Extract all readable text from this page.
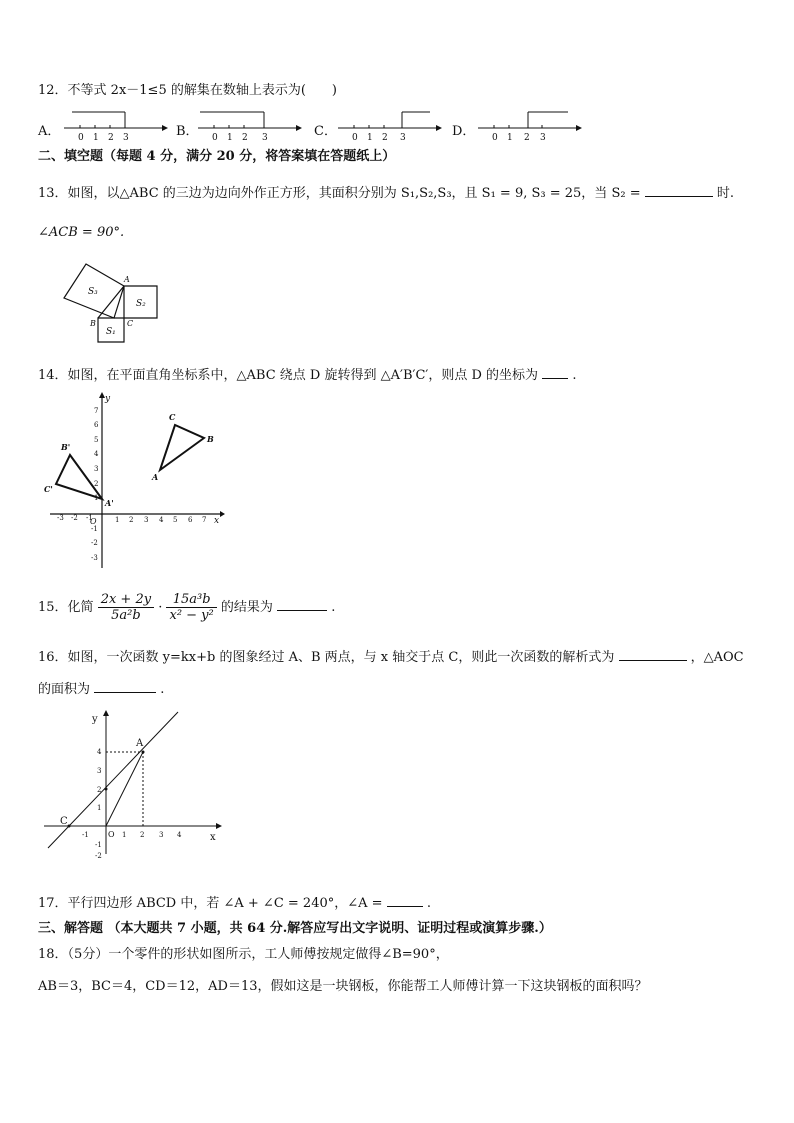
12．不等式 2x－1≤5 的解集在数轴上表示为(　　)
A． 0 1 2 3	B． 0 1 2 3	C． 0 1 2 3	D． 0 1 2 3
二、填空题（每题 4 分，满分 20 分，将答案填在答题纸上）
13．如图，以△ABC 的三边为边向外作正方形，其面积分别为 S₁,S₂,S₃，且 S₁ = 9, S₃ = 25，当 S₂ =	时.
∠ACB = 90°.
S₃
S₂
S₁
A
B	C
14．如图，在平面直角坐标系中，△ABC 绕点 D 旋转得到 △A′B′C′，则点 D 的坐标为	.
x
y
O
-3 -2 -1	1 2 3 4 5 6 7
7
6
5
4
3
2
1
-1
-2
-3
A
B
C
A'
B'
C'
15．化简 $\frac{2x + 2y}{\text{5a²b}} \cdot \frac{\text{15a³b}}{\text{x² − y²}}$ 的结果为	.
16．如图，一次函数 y=kx+b 的图象经过 A、B 两点，与 x 轴交于点 C，则此一次函数的解析式为	，△AOC
的面积为	.
y
x
A
C
O
-1	1 2 3 4
4
3
2
1
-1
-2
17．平行四边形 ABCD 中，若 ∠A + ∠C = 240°，∠A =	.
三、解答题 （本大题共 7 小题，共 64 分.解答应写出文字说明、证明过程或演算步骤.）
18．（5分）一个零件的形状如图所示，工人师傅按规定做得∠B=90°，
AB＝3，BC＝4，CD＝12，AD＝13，假如这是一块钢板，你能帮工人师傅计算一下这块钢板的面积吗？
